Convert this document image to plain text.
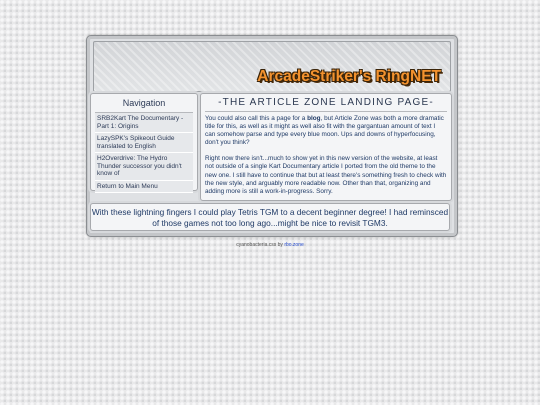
ArcadeStriker's RingNET
Navigation
SRB2Kart The Documentary - Part 1: Origins
LazySPK's Spikeout Guide translated to English
H2Overdrive: The Hydro Thunder successor you didn't know of
Return to Main Menu
-THE ARTICLE ZONE LANDING PAGE-

You could also call this a page for a blog, but Article Zone was both a more dramatic title for this, as well as it might as well also fit with the gargantuan amount of text I can somehow parse and type every blue moon. Ups and downs of hyperfocusing, don't you think?

Right now there isn't...much to show yet in this new version of the website, at least not outside of a single Kart Documentary article I ported from the old theme to the new one. I still have to continue that but at least there's something fresh to check with the new style, and arguably more readable now. Other than that, organizing and adding more is still a work-in-progress. Sorry.

With these lightning fingers I could play Tetris TGM to a decent beginner degree! I had reminsced of those games not too long ago...might be nice to revisit TGM3.
cyanobacteria.css by rbo.zone
